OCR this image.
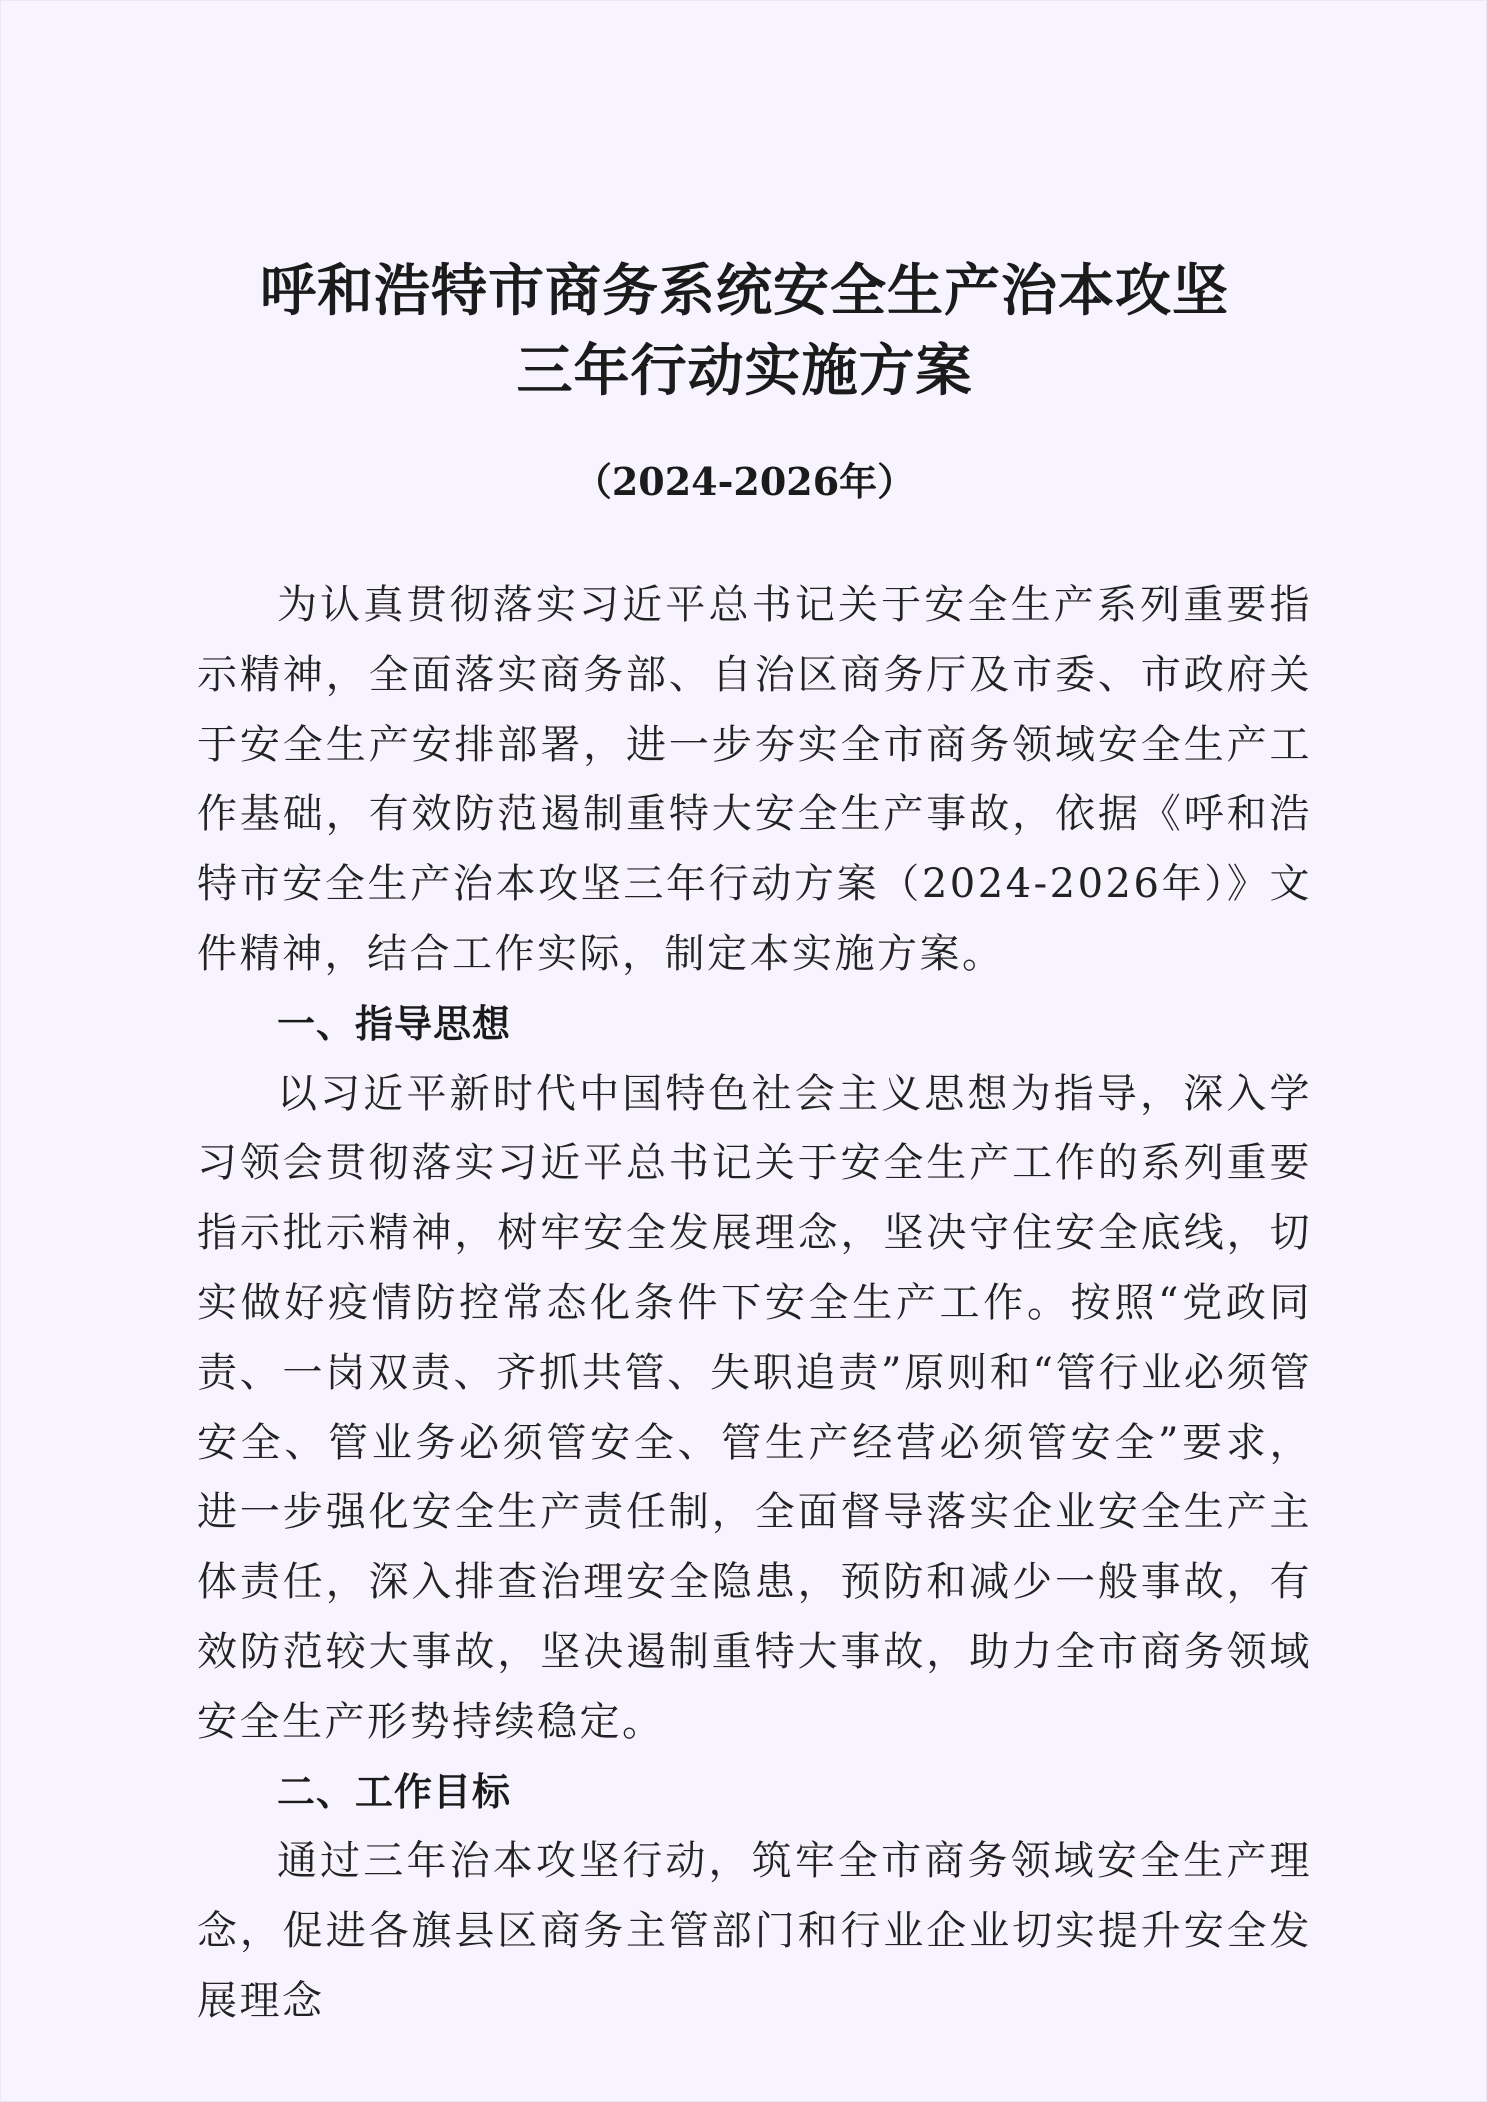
呼和浩特市商务系统安全生产治本攻坚
三年行动实施方案
（2024-2026年）

为认真贯彻落实习近平总书记关于安全生产系列重要指示精神，全面落实商务部、自治区商务厅及市委、市政府关于安全生产安排部署，进一步夯实全市商务领域安全生产工作基础，有效防范遏制重特大安全生产事故，依据《呼和浩特市安全生产治本攻坚三年行动方案（2024-2026年）》文件精神，结合工作实际，制定本实施方案。

一、指导思想

以习近平新时代中国特色社会主义思想为指导，深入学习领会贯彻落实习近平总书记关于安全生产工作的系列重要指示批示精神，树牢安全发展理念，坚决守住安全底线，切实做好疫情防控常态化条件下安全生产工作。按照“党政同责、一岗双责、齐抓共管、失职追责”原则和“管行业必须管安全、管业务必须管安全、管生产经营必须管安全”要求，进一步强化安全生产责任制，全面督导落实企业安全生产主体责任，深入排查治理安全隐患，预防和减少一般事故，有效防范较大事故，坚决遏制重特大事故，助力全市商务领域安全生产形势持续稳定。

二、工作目标

通过三年治本攻坚行动，筑牢全市商务领域安全生产理念，促进各旗县区商务主管部门和行业企业切实提升安全发展理念
